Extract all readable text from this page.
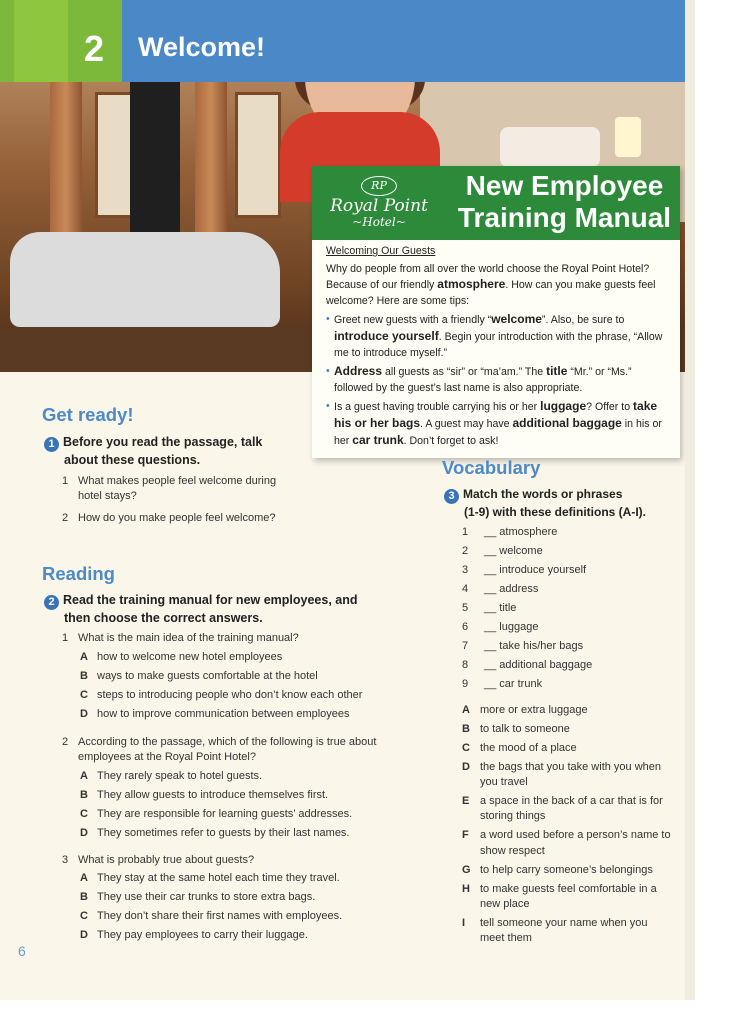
2 Welcome!
RP
Royal Point
~Hotel~
New Employee
Training Manual
Welcoming Our Guests
Why do people from all over the world choose the Royal Point Hotel? Because of our friendly atmosphere. How can you make guests feel welcome? Here are some tips:
• Greet new guests with a friendly “welcome”. Also, be sure to introduce yourself. Begin your introduction with the phrase, “Allow me to introduce myself.”
• Address all guests as “sir” or “ma’am.” The title “Mr.” or “Ms.” followed by the guest’s last name is also appropriate.
• Is a guest having trouble carrying his or her luggage? Offer to take his or her bags. A guest may have additional baggage in his or her car trunk. Don’t forget to ask!
Get ready!
1 Before you read the passage, talk
about these questions.
1 What makes people feel welcome during hotel stays?
2 How do you make people feel welcome?
Reading
2 Read the training manual for new employees, and
then choose the correct answers.
1 What is the main idea of the training manual?
A how to welcome new hotel employees
B ways to make guests comfortable at the hotel
C steps to introducing people who don’t know each other
D how to improve communication between employees
2 According to the passage, which of the following is true about employees at the Royal Point Hotel?
A They rarely speak to hotel guests.
B They allow guests to introduce themselves first.
C They are responsible for learning guests’ addresses.
D They sometimes refer to guests by their last names.
3 What is probably true about guests?
A They stay at the same hotel each time they travel.
B They use their car trunks to store extra bags.
C They don’t share their first names with employees.
D They pay employees to carry their luggage.
Vocabulary
3 Match the words or phrases
(1-9) with these definitions (A-I).
1 __ atmosphere
2 __ welcome
3 __ introduce yourself
4 __ address
5 __ title
6 __ luggage
7 __ take his/her bags
8 __ additional baggage
9 __ car trunk
A more or extra luggage
B to talk to someone
C the mood of a place
D the bags that you take with you when you travel
E a space in the back of a car that is for storing things
F a word used before a person’s name to show respect
G to help carry someone’s belongings
H to make guests feel comfortable in a new place
I tell someone your name when you meet them
6
